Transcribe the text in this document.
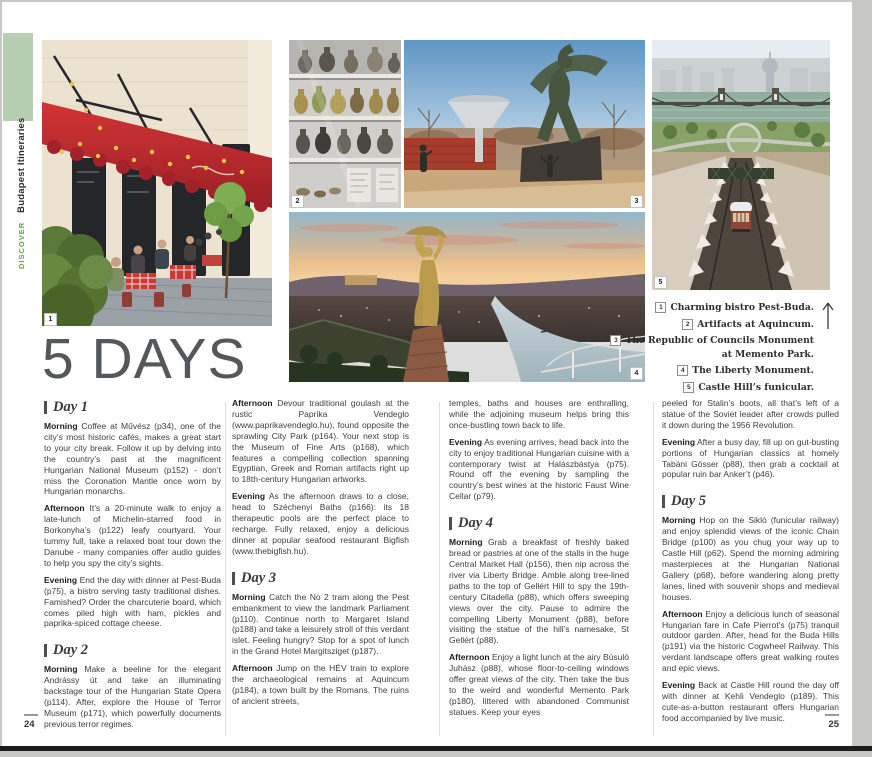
DISCOVER
Budapest Itineraries
1
2	3
4
5
5 DAYS
1 Charming bistro Pest-Buda.
2 Artifacts at Aquincum.
3 The Republic of Councils Monument at Memento Park.
4 The Liberty Monument.
5 Castle Hill’s funicular.
Day 1

Morning Coffee at Művész (p34), one of the city’s most historic cafés, makes a great start to your city break. Follow it up by delving into the country’s past at the magnificent Hungarian National Museum (p152) - don’t miss the Coronation Mantle once worn by Hungarian monarchs.

Afternoon It’s a 20-minute walk to enjoy a late-lunch of Michelin-starred food in Borkonyha’s (p122) leafy courtyard. Your tummy full, take a relaxed boat tour down the Danube - many companies offer audio guides to help you spy the city’s sights.

Evening End the day with dinner at Pest-Buda (p75), a bistro serving tasty traditional dishes. Famished? Order the charcuterie board, which comes piled high with ham, pickles and paprika-spiced cottage cheese.

Day 2

Morning Make a beeline for the elegant Andrássy út and take an illuminating backstage tour of the Hungarian State Opera (p114). After, explore the House of Terror Museum (p171), which powerfully documents previous terror regimes.

Afternoon Devour traditional goulash at the rustic Paprika Vendeglo (www.paprikavendeglo.hu), found opposite the sprawling City Park (p164). Your next stop is the Museum of Fine Arts (p168), which features a compelling collection spanning Egyptian, Greek and Roman artifacts right up to 18th-century Hungarian artworks.

Evening As the afternoon draws to a close, head to Széchenyi Baths (p166): its 18 therapeutic pools are the perfect place to recharge. Fully relaxed, enjoy a delicious dinner at popular seafood restaurant Bigfish (www.thebigfish.hu).

Day 3

Morning Catch the No 2 tram along the Pest embankment to view the landmark Parliament (p110). Continue north to Margaret Island (p188) and take a leisurely stroll of this verdant islet. Feeling hungry? Stop for a spot of lunch in the Grand Hotel Margitsziget (p187).

Afternoon Jump on the HÉV train to explore the archaeological remains at Aquincum (p184), a town built by the Romans. The ruins of ancient streets,

temples, baths and houses are enthralling, while the adjoining museum helps bring this once-bustling town back to life.

Evening As evening arrives, head back into the city to enjoy traditional Hungarian cuisine with a contemporary twist at Halászbástya (p75). Round off the evening by sampling the country’s best wines at the historic Faust Wine Cellar (p79).

Day 4

Morning Grab a breakfast of freshly baked bread or pastries at one of the stalls in the huge Central Market Hall (p156), then nip across the river via Liberty Bridge. Amble along tree-lined paths to the top of Gellért Hill to spy the 19th-century Citadella (p88), which offers sweeping views over the city. Pause to admire the compelling Liberty Monument (p88), before visiting the statue of the hill’s namesake, St Gellért (p88).

Afternoon Enjoy a light lunch at the airy Búsuló Juhász (p88), whose floor-to-ceiling windows offer great views of the city. Then take the bus to the weird and wonderful Memento Park (p180), littered with abandoned Communist statues. Keep your eyes

peeled for Stalin’s boots, all that’s left of a statue of the Soviet leader after crowds pulled it down during the 1956 Revolution.

Evening After a busy day, fill up on gut-busting portions of Hungarian classics at homely Tabáni Gösser (p88), then grab a cocktail at popular ruin bar Anker’t (p46).

Day 5

Morning Hop on the Sikló (funicular railway) and enjoy splendid views of the iconic Chain Bridge (p100) as you chug your way up to Castle Hill (p62). Spend the morning admiring masterpieces at the Hungarian National Gallery (p68), before wandering along pretty lanes, lined with souvenir shops and medieval houses.

Afternoon Enjoy a delicious lunch of seasonal Hungarian fare in Cafe Pierrot’s (p75) tranquil outdoor garden. After, head for the Buda Hills (p191) via the historic Cogwheel Railway. This verdant landscape offers great walking routes and epic views.

Evening Back at Castle Hill round the day off with dinner at Kehli Vendeglo (p189). This cute-as-a-button restaurant offers Hungarian food accompanied by live music.

24	25
